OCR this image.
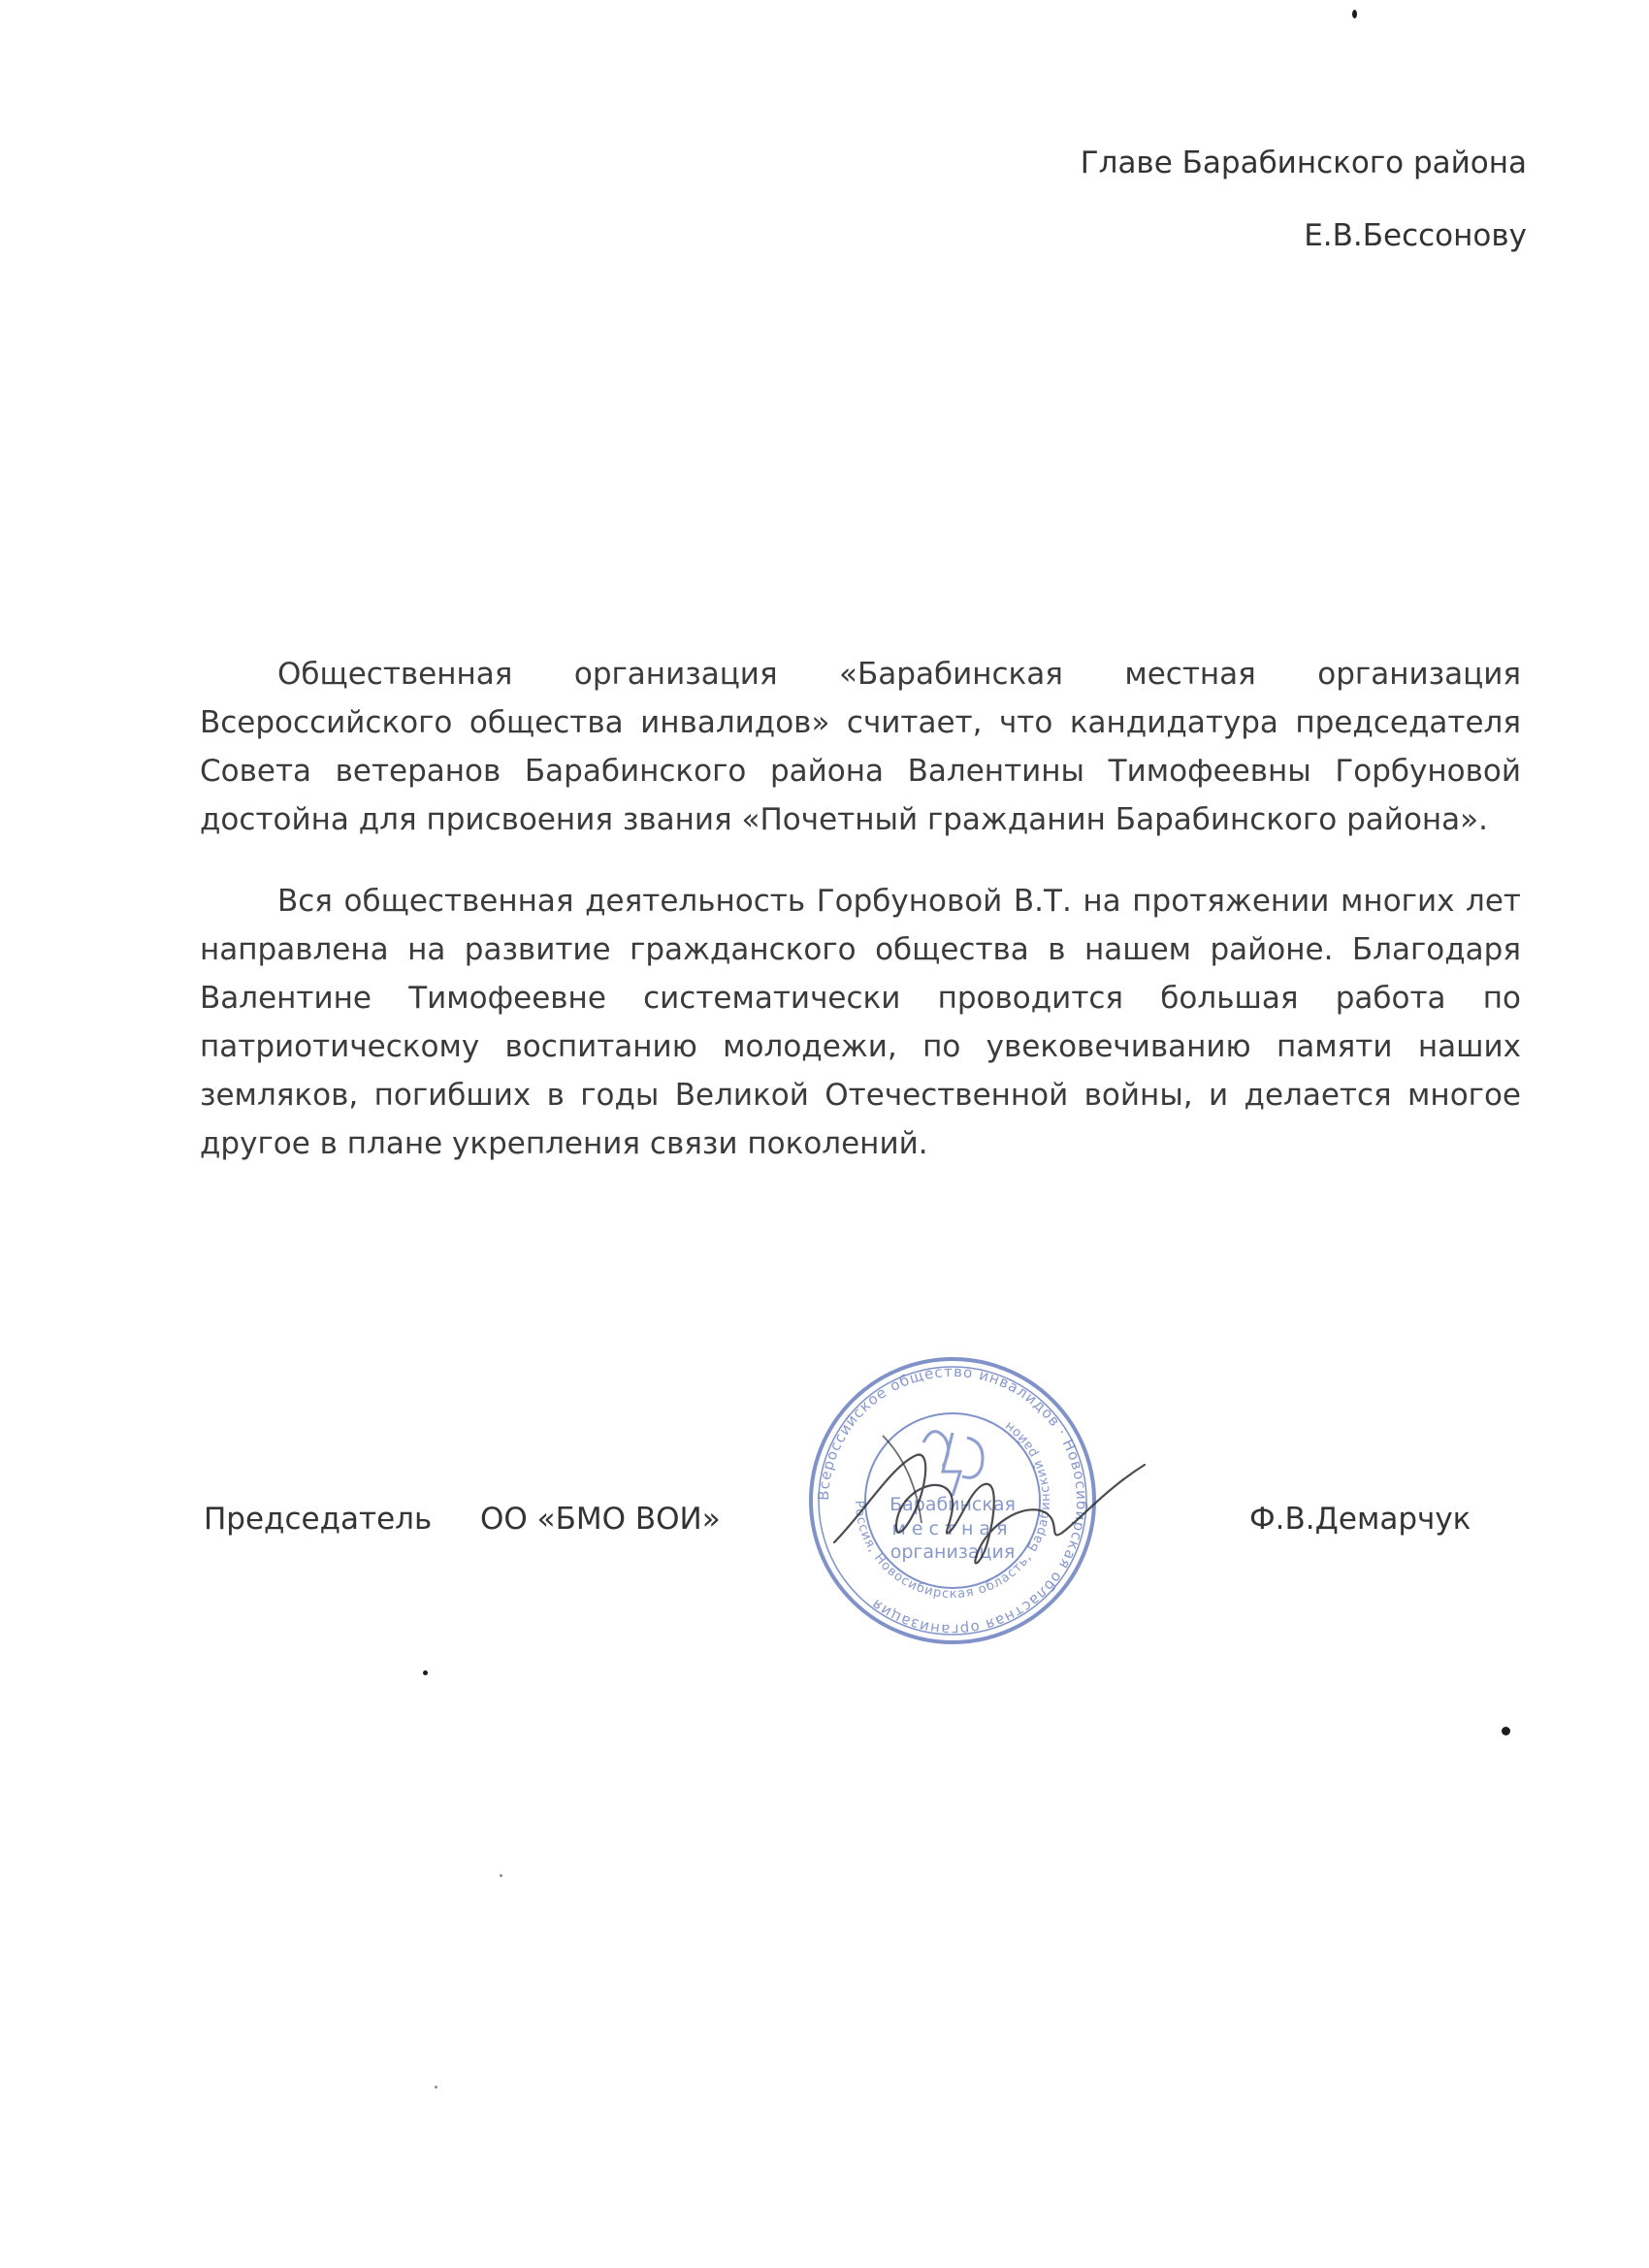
Главе Барабинского района
Е.В.Бессонову

Общественная организация «Барабинская местная организация Всероссийского общества инвалидов» считает, что кандидатура председателя Совета ветеранов Барабинского района Валентины Тимофеевны Горбуновой достойна для присвоения звания «Почетный гражданин Барабинского района».

Вся общественная деятельность Горбуновой В.Т. на протяжении многих лет направлена на развитие гражданского общества в нашем районе. Благодаря Валентине Тимофеевне систематически проводится большая работа по патриотическому воспитанию молодежи, по увековечиванию памяти наших земляков, погибших в годы Великой Отечественной войны, и делается многое другое в плане укрепления связи поколений.

Председатель ОО «БМО ВОИ»	Ф.В.Демарчук
Всероссийское общество инвалидов · Новосибирская областная организация
Россия, Новосибирская область, Барабинский район
Барабинская
местная
организация
